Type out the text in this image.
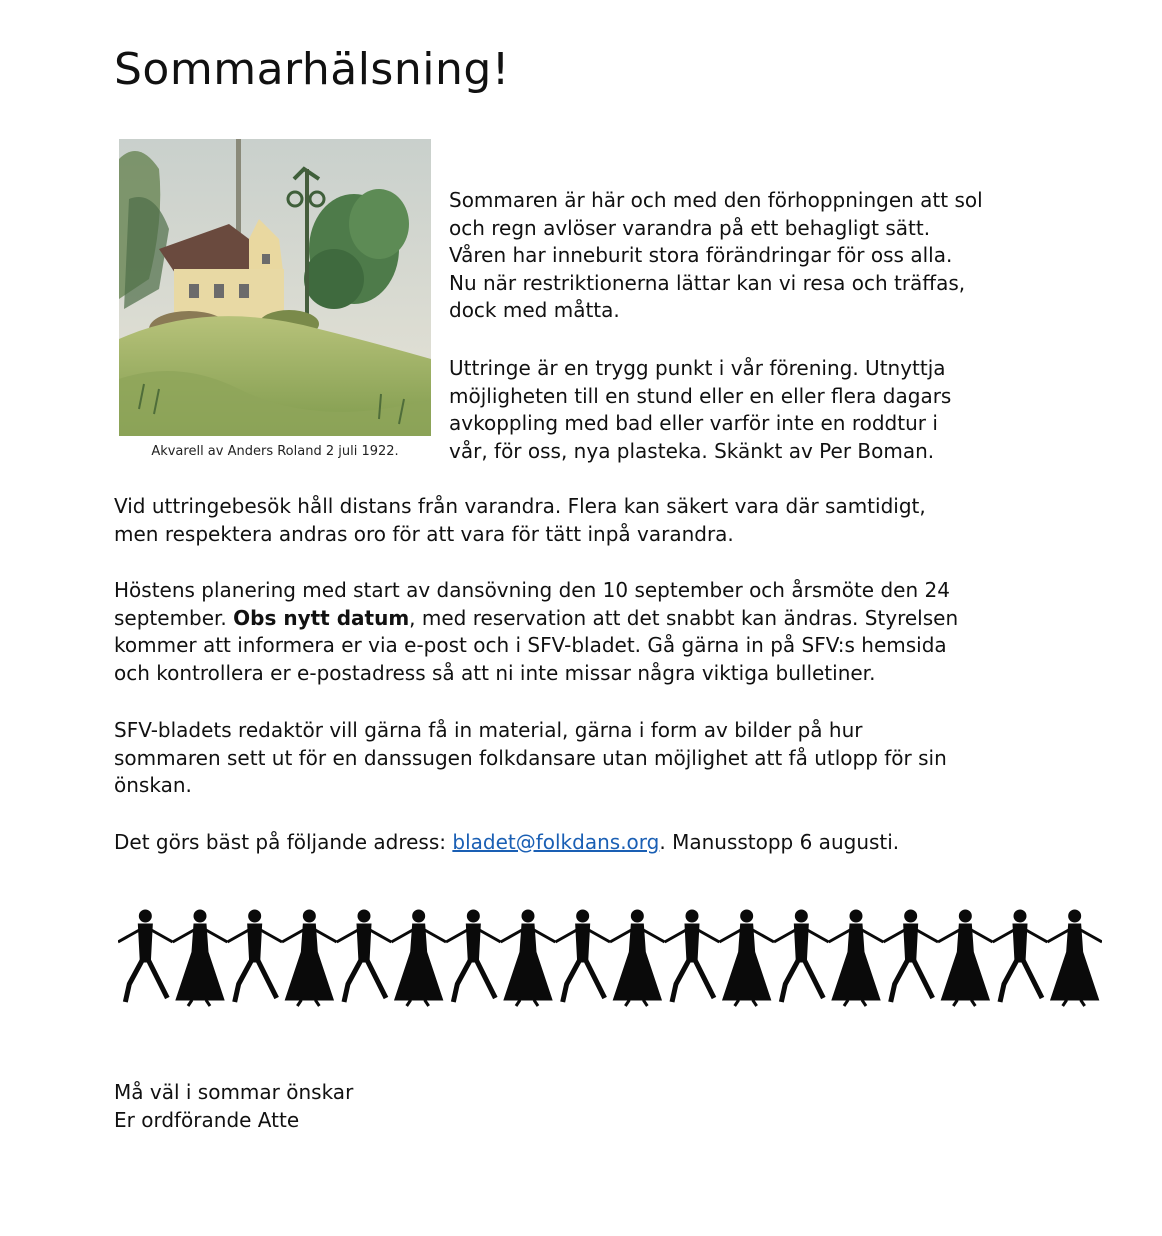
Sommarhälsning!
Akvarell av Anders Roland 2 juli 1922.

Sommaren är här och med den förhoppningen att sol
och regn avlöser varandra på ett behagligt sätt.
Våren har inneburit stora förändringar för oss alla.
Nu när restriktionerna lättar kan vi resa och träffas,
dock med måtta.

Uttringe är en trygg punkt i vår förening. Utnyttja
möjligheten till en stund eller en eller flera dagars
avkoppling med bad eller varför inte en roddtur i
vår, för oss, nya plasteka. Skänkt av Per Boman.

Vid uttringebesök håll distans från varandra. Flera kan säkert vara där samtidigt,
men respektera andras oro för att vara för tätt inpå varandra.

Höstens planering med start av dansövning den 10 september och årsmöte den 24
september. Obs nytt datum, med reservation att det snabbt kan ändras. Styrelsen
kommer att informera er via e-post och i SFV-bladet. Gå gärna in på SFV:s hemsida
och kontrollera er e-postadress så att ni inte missar några viktiga bulletiner.

SFV-bladets redaktör vill gärna få in material, gärna i form av bilder på hur
sommaren sett ut för en danssugen folkdansare utan möjlighet att få utlopp för sin
önskan.

Det görs bäst på följande adress: bladet@folkdans.org. Manusstopp 6 augusti.

Må väl i sommar önskar
Er ordförande Atte
